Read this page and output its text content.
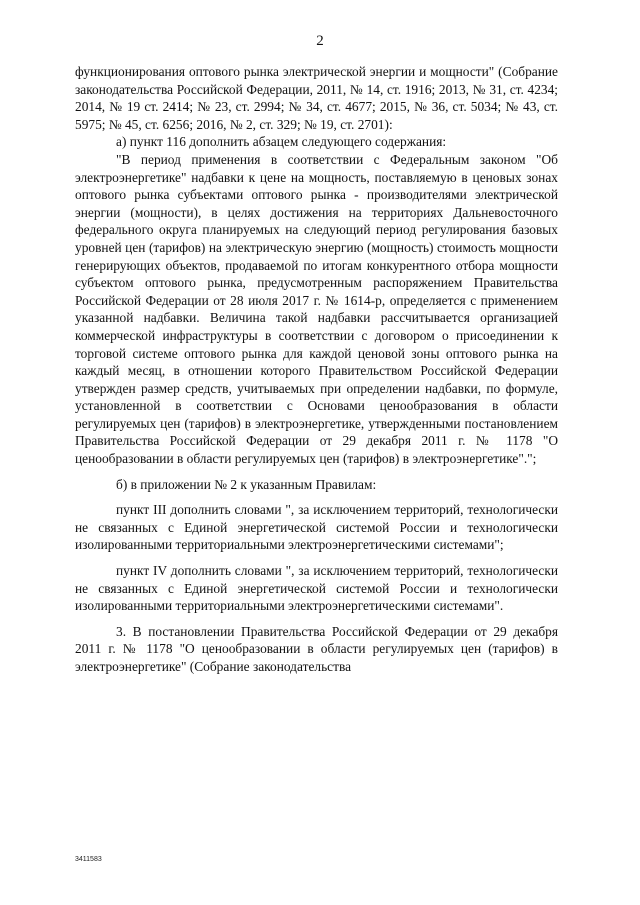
2

функционирования оптового рынка электрической энергии и мощности" (Собрание законодательства Российской Федерации, 2011, № 14, ст. 1916; 2013, № 31, ст. 4234; 2014, № 19 ст. 2414; № 23, ст. 2994; № 34, ст. 4677; 2015, № 36, ст. 5034; № 43, ст. 5975; № 45, ст. 6256; 2016, № 2, ст. 329; № 19, ст. 2701):

а) пункт 116 дополнить абзацем следующего содержания:

"В период применения в соответствии с Федеральным законом "Об электроэнергетике" надбавки к цене на мощность, поставляемую в ценовых зонах оптового рынка субъектами оптового рынка - производителями электрической энергии (мощности), в целях достижения на территориях Дальневосточного федерального округа планируемых на следующий период регулирования базовых уровней цен (тарифов) на электрическую энергию (мощность) стоимость мощности генерирующих объектов, продаваемой по итогам конкурентного отбора мощности субъектом оптового рынка, предусмотренным распоряжением Правительства Российской Федерации от 28 июля 2017 г. № 1614-р, определяется с применением указанной надбавки. Величина такой надбавки рассчитывается организацией коммерческой инфраструктуры в соответствии с договором о присоединении к торговой системе оптового рынка для каждой ценовой зоны оптового рынка на каждый месяц, в отношении которого Правительством Российской Федерации утвержден размер средств, учитываемых при определении надбавки, по формуле, установленной в соответствии с Основами ценообразования в области регулируемых цен (тарифов) в электроэнергетике, утвержденными постановлением Правительства Российской Федерации от 29 декабря 2011 г. № 1178 "О ценообразовании в области регулируемых цен (тарифов) в электроэнергетике".";

б) в приложении № 2 к указанным Правилам:

пункт III дополнить словами ", за исключением территорий, технологически не связанных с Единой энергетической системой России и технологически изолированными территориальными электроэнергетическими системами";

пункт IV дополнить словами ", за исключением территорий, технологически не связанных с Единой энергетической системой России и технологически изолированными территориальными электроэнергетическими системами".

3. В постановлении Правительства Российской Федерации от 29 декабря 2011 г. № 1178 "О ценообразовании в области регулируемых цен (тарифов) в электроэнергетике" (Собрание законодательства

3411583
